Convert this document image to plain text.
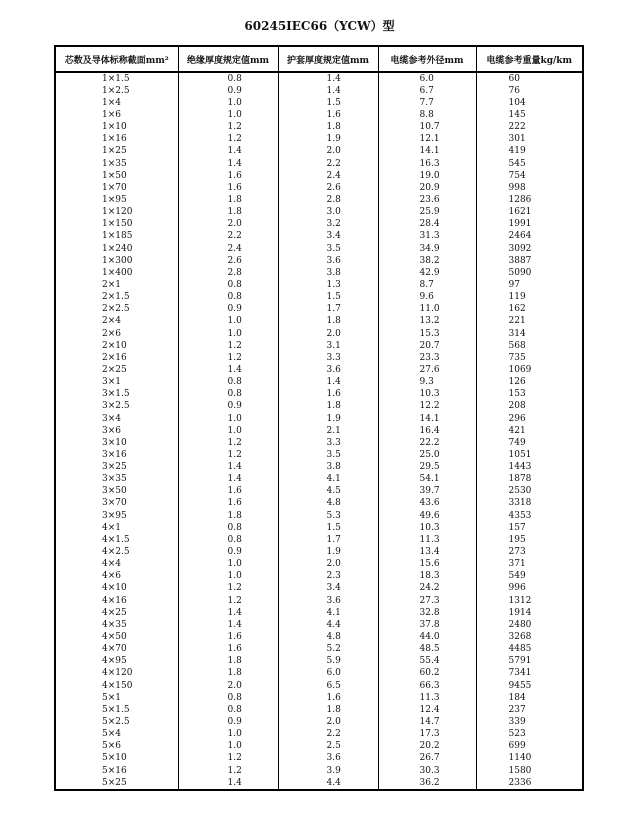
60245IEC66（YCW）型
芯数及导体标称截面mm²	绝缘厚度规定值mm	护套厚度规定值mm	电缆参考外径mm	电缆参考重量kg/km
1×1.5	0.8	1.4	6.0	60
1×2.5	0.9	1.4	6.7	76
1×4	1.0	1.5	7.7	104
1×6	1.0	1.6	8.8	145
1×10	1.2	1.8	10.7	222
1×16	1.2	1.9	12.1	301
1×25	1.4	2.0	14.1	419
1×35	1.4	2.2	16.3	545
1×50	1.6	2.4	19.0	754
1×70	1.6	2.6	20.9	998
1×95	1.8	2.8	23.6	1286
1×120	1.8	3.0	25.9	1621
1×150	2.0	3.2	28.4	1991
1×185	2.2	3.4	31.3	2464
1×240	2.4	3.5	34.9	3092
1×300	2.6	3.6	38.2	3887
1×400	2.8	3.8	42.9	5090
2×1	0.8	1.3	8.7	97
2×1.5	0.8	1.5	9.6	119
2×2.5	0.9	1.7	11.0	162
2×4	1.0	1.8	13.2	221
2×6	1.0	2.0	15.3	314
2×10	1.2	3.1	20.7	568
2×16	1.2	3.3	23.3	735
2×25	1.4	3.6	27.6	1069
3×1	0.8	1.4	9.3	126
3×1.5	0.8	1.6	10.3	153
3×2.5	0.9	1.8	12.2	208
3×4	1.0	1.9	14.1	296
3×6	1.0	2.1	16.4	421
3×10	1.2	3.3	22.2	749
3×16	1.2	3.5	25.0	1051
3×25	1.4	3.8	29.5	1443
3×35	1.4	4.1	54.1	1878
3×50	1.6	4.5	39.7	2530
3×70	1.6	4.8	43.6	3318
3×95	1.8	5.3	49.6	4353
4×1	0.8	1.5	10.3	157
4×1.5	0.8	1.7	11.3	195
4×2.5	0.9	1.9	13.4	273
4×4	1.0	2.0	15.6	371
4×6	1.0	2.3	18.3	549
4×10	1.2	3.4	24.2	996
4×16	1.2	3.6	27.3	1312
4×25	1.4	4.1	32.8	1914
4×35	1.4	4.4	37.8	2480
4×50	1.6	4.8	44.0	3268
4×70	1.6	5.2	48.5	4485
4×95	1.8	5.9	55.4	5791
4×120	1.8	6.0	60.2	7341
4×150	2.0	6.5	66.3	9455
5×1	0.8	1.6	11.3	184
5×1.5	0.8	1.8	12.4	237
5×2.5	0.9	2.0	14.7	339
5×4	1.0	2.2	17.3	523
5×6	1.0	2.5	20.2	699
5×10	1.2	3.6	26.7	1140
5×16	1.2	3.9	30.3	1580
5×25	1.4	4.4	36.2	2336
